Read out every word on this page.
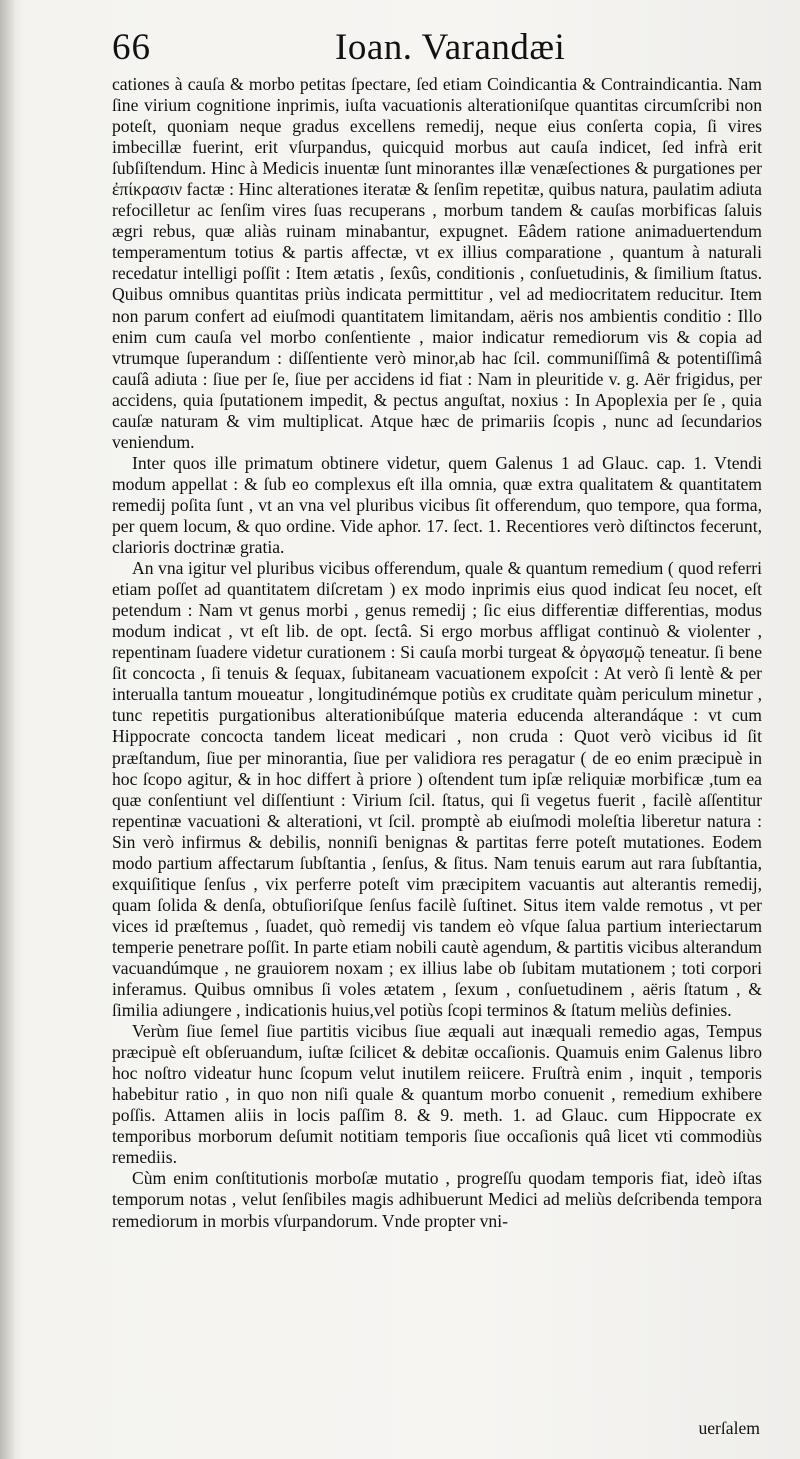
66	Ioan. Varandæi

cationes à cauſa & morbo petitas ſpectare, ſed etiam Coindicantia & Contraindicantia. Nam ſine virium cognitione inprimis, iuſta vacuationis alterationiſque quantitas circumſcribi non poteſt, quoniam neque gradus excellens remedij, neque eius conſerta copia, ſi vires imbecillæ fuerint, erit vſurpandus, quicquid morbus aut cauſa indicet, ſed infrà erit ſubſiſtendum. Hinc à Medicis inuentæ ſunt minorantes illæ venæſectiones & purgationes per ἐπίκρασιν factæ : Hinc alterationes iteratæ & ſenſim repetitæ, quibus natura, paulatim adiuta refocilletur ac ſenſim vires ſuas recuperans , morbum tandem & cauſas morbificas ſaluis ægri rebus, quæ aliàs ruinam minabantur, expugnet. Eâdem ratione animaduertendum temperamentum totius & partis affectæ, vt ex illius comparatione , quantum à naturali recedatur intelligi poſſit : Item ætatis , ſexûs, conditionis , conſuetudinis, & ſimilium ſtatus. Quibus omnibus quantitas priùs indicata permittitur , vel ad mediocritatem reducitur. Item non parum confert ad eiuſmodi quantitatem limitandam, aëris nos ambientis conditio : Illo enim cum cauſa vel morbo conſentiente , maior indicatur remediorum vis & copia ad vtrumque ſuperandum : diſſentiente verò minor,ab hac ſcil. communiſſimâ & potentiſſimâ cauſâ adiuta : ſiue per ſe, ſiue per accidens id fiat : Nam in pleuritide v. g. Aër frigidus, per accidens, quia ſputationem impedit, & pectus anguſtat, noxius : In Apoplexia per ſe , quia cauſæ naturam & vim multiplicat. Atque hæc de primariis ſcopis , nunc ad ſecundarios veniendum.

Inter quos ille primatum obtinere videtur, quem Galenus 1 ad Glauc. cap. 1. Vtendi modum appellat : & ſub eo complexus eſt illa omnia, quæ extra qualitatem & quantitatem remedij poſita ſunt , vt an vna vel pluribus vicibus ſit offerendum, quo tempore, qua forma, per quem locum, & quo ordine. Vide aphor. 17. ſect. 1. Recentiores verò diſtinctos fecerunt, clarioris doctrinæ gratia.

An vna igitur vel pluribus vicibus offerendum, quale & quantum remedium ( quod referri etiam poſſet ad quantitatem diſcretam ) ex modo inprimis eius quod indicat ſeu nocet, eſt petendum : Nam vt genus morbi , genus remedij ; ſic eius differentiæ differentias, modus modum indicat , vt eſt lib. de opt. ſectâ. Si ergo morbus affligat continuò & violenter , repentinam ſuadere videtur curationem : Si cauſa morbi turgeat & ὀργασμῷ teneatur. ſi bene ſit concocta , ſi tenuis & ſequax, ſubitaneam vacuationem expoſcit : At verò ſi lentè & per interualla tantum moueatur , longitudinémque potiùs ex cruditate quàm periculum minetur , tunc repetitis purgationibus alterationibúſque materia educenda alterandáque : vt cum Hippocrate concocta tandem liceat medicari , non cruda : Quot verò vicibus id ſit præſtandum, ſiue per minorantia, ſiue per validiora res peragatur ( de eo enim præcipuè in hoc ſcopo agitur, & in hoc differt à priore ) oſtendent tum ipſæ reliquiæ morbificæ ,tum ea quæ conſentiunt vel diſſentiunt : Virium ſcil. ſtatus, qui ſi vegetus fuerit , facilè aſſentitur repentinæ vacuationi & alterationi, vt ſcil. promptè ab eiuſmodi moleſtia liberetur natura : Sin verò infirmus & debilis, nonniſi benignas & partitas ferre poteſt mutationes. Eodem modo partium affectarum ſubſtantia , ſenſus, & ſitus. Nam tenuis earum aut rara ſubſtantia, exquiſitique ſenſus , vix perferre poteſt vim præcipitem vacuantis aut alterantis remedij, quam ſolida & denſa, obtuſioriſque ſenſus facilè ſuſtinet. Situs item valde remotus , vt per vices id præſtemus , ſuadet, quò remedij vis tandem eò vſque ſalua partium interiectarum temperie penetrare poſſit. In parte etiam nobili cautè agendum, & partitis vicibus alterandum vacuandúmque , ne grauiorem noxam ; ex illius labe ob ſubitam mutationem ; toti corpori inferamus. Quibus omnibus ſi voles ætatem , ſexum , conſuetudinem , aëris ſtatum , & ſimilia adiungere , indicationis huius,vel potiùs ſcopi terminos & ſtatum meliùs definies.

Verùm ſiue ſemel ſiue partitis vicibus ſiue æquali aut inæquali remedio agas, Tempus præcipuè eſt obſeruandum, iuſtæ ſcilicet & debitæ occaſionis. Quamuis enim Galenus libro hoc noſtro videatur hunc ſcopum velut inutilem reiicere. Fruſtrà enim , inquit , temporis habebitur ratio , in quo non niſi quale & quantum morbo conuenit , remedium exhibere poſſis. Attamen aliis in locis paſſim 8. & 9. meth. 1. ad Glauc. cum Hippocrate ex temporibus morborum deſumit notitiam temporis ſiue occaſionis quâ licet vti commodiùs remediis.

Cùm enim conſtitutionis morboſæ mutatio , progreſſu quodam temporis fiat, ideò iſtas temporum notas , velut ſenſibiles magis adhibuerunt Medici ad meliùs deſcribenda tempora remediorum in morbis vſurpandorum. Vnde propter vni-

uerſalem
